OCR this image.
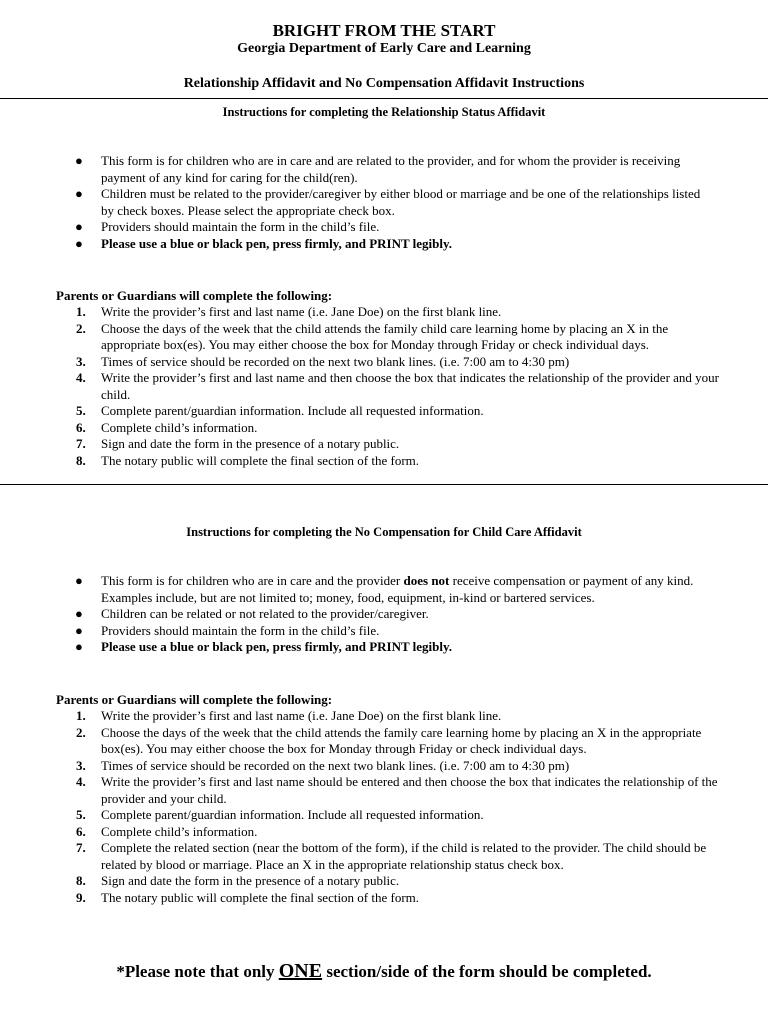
BRIGHT FROM THE START
Georgia Department of Early Care and Learning
Relationship Affidavit and No Compensation Affidavit Instructions
Instructions for completing the Relationship Status Affidavit
● This form is for children who are in care and are related to the provider, and for whom the provider is receiving payment of any kind for caring for the child(ren).
● Children must be related to the provider/caregiver by either blood or marriage and be one of the relationships listed by check boxes. Please select the appropriate check box.
● Providers should maintain the form in the child’s file.
● Please use a blue or black pen, press firmly, and PRINT legibly.
Parents or Guardians will complete the following:
1. Write the provider’s first and last name (i.e. Jane Doe) on the first blank line.
2. Choose the days of the week that the child attends the family child care learning home by placing an X in the appropriate box(es). You may either choose the box for Monday through Friday or check individual days.
3. Times of service should be recorded on the next two blank lines. (i.e. 7:00 am to 4:30 pm)
4. Write the provider’s first and last name and then choose the box that indicates the relationship of the provider and your child.
5. Complete parent/guardian information. Include all requested information.
6. Complete child’s information.
7. Sign and date the form in the presence of a notary public.
8. The notary public will complete the final section of the form.
Instructions for completing the No Compensation for Child Care Affidavit
● This form is for children who are in care and the provider does not receive compensation or payment of any kind. Examples include, but are not limited to; money, food, equipment, in-kind or bartered services.
● Children can be related or not related to the provider/caregiver.
● Providers should maintain the form in the child’s file.
● Please use a blue or black pen, press firmly, and PRINT legibly.
Parents or Guardians will complete the following:
1. Write the provider’s first and last name (i.e. Jane Doe) on the first blank line.
2. Choose the days of the week that the child attends the family care learning home by placing an X in the appropriate box(es). You may either choose the box for Monday through Friday or check individual days.
3. Times of service should be recorded on the next two blank lines. (i.e. 7:00 am to 4:30 pm)
4. Write the provider’s first and last name should be entered and then choose the box that indicates the relationship of the provider and your child.
5. Complete parent/guardian information. Include all requested information.
6. Complete child’s information.
7. Complete the related section (near the bottom of the form), if the child is related to the provider. The child should be related by blood or marriage. Place an X in the appropriate relationship status check box.
8. Sign and date the form in the presence of a notary public.
9. The notary public will complete the final section of the form.
*Please note that only ONE section/side of the form should be completed.
